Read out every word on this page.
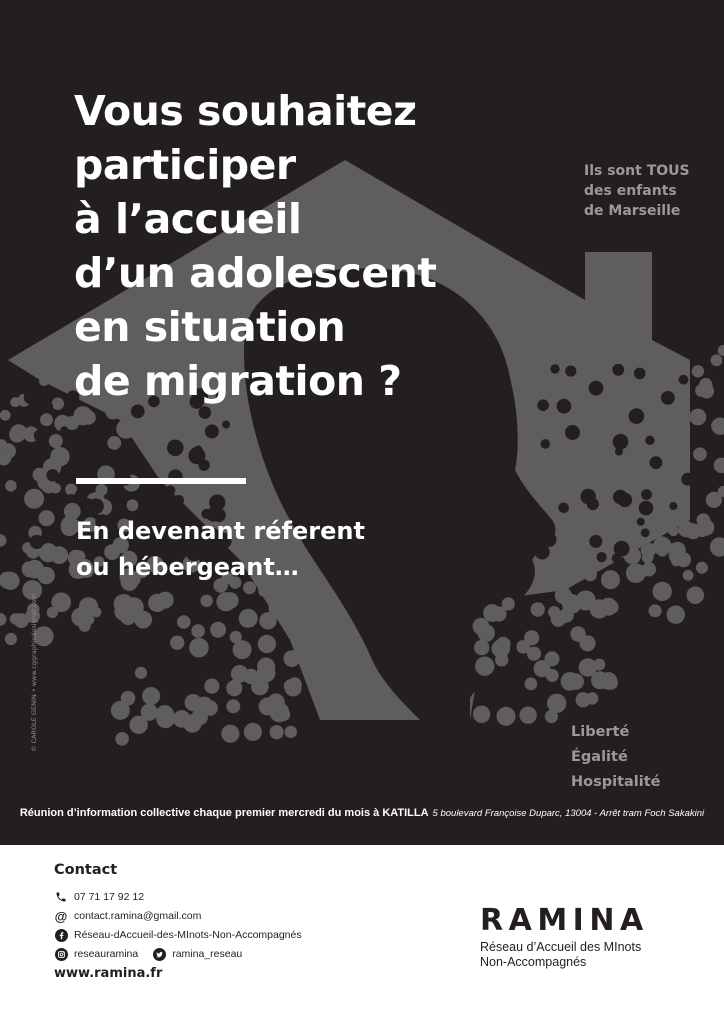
Vous souhaitez
participer
à l’accueil
d’un adolescent
en situation
de migration ?
En devenant réferent
ou hébergeant…
Ils sont TOUS
des enfants
de Marseille
Liberté
Égalité
Hospitalité
© CAROLE GENIN • www.cggraphicdesigner.com
Réunion d’information collective chaque premier mercredi du mois à KATILLA 5 boulevard Françoise Duparc, 13004 - Arrêt tram Foch Sakakini
Contact
07 71 17 92 12
@ contact.ramina@gmail.com
Réseau-dAccueil-des-MInots-Non-Accompagnés
reseauramina	ramina_reseau
www.ramina.fr
RAMINA
Réseau d’Accueil des MInots
Non-Accompagnés
